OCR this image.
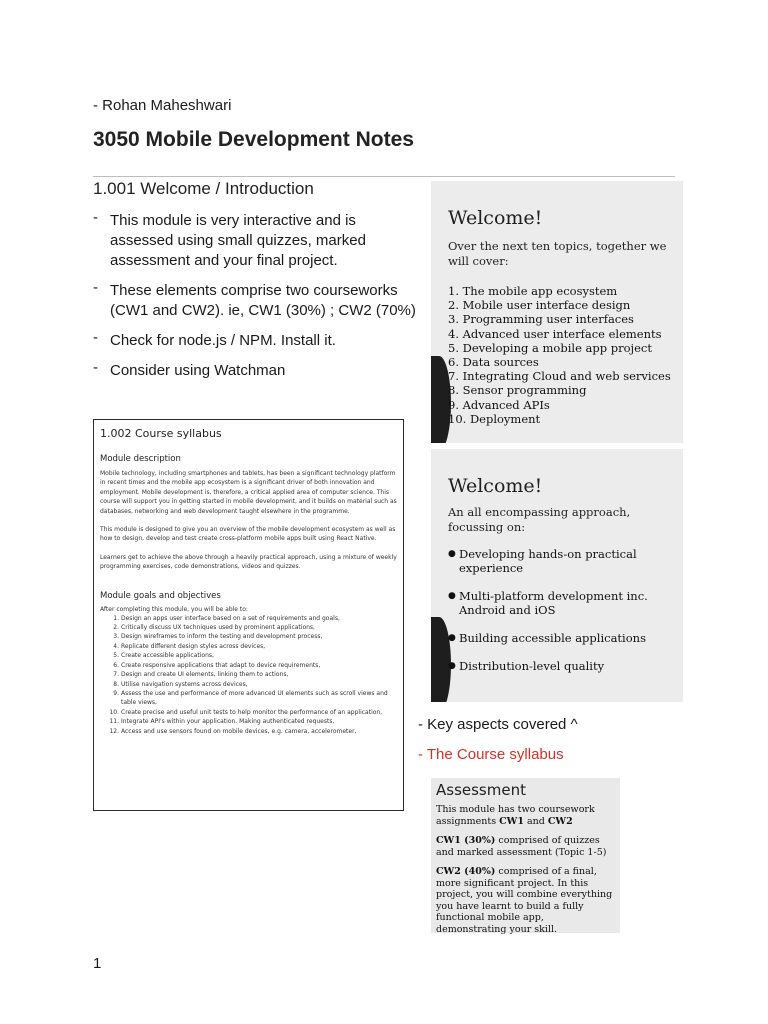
- Rohan Maheshwari
3050 Mobile Development Notes
1.001 Welcome / Introduction
- This module is very interactive and is assessed using small quizzes, marked assessment and your final project.
- These elements comprise two courseworks (CW1 and CW2). ie, CW1 (30%) ; CW2 (70%)
- Check for node.js / NPM. Install it.
- Consider using Watchman
1.002 Course syllabus
Module description

Mobile technology, including smartphones and tablets, has been a significant technology platform in recent times and the mobile app ecosystem is a significant driver of both innovation and employment. Mobile development is, therefore, a critical applied area of computer science. This course will support you in getting started in mobile development, and it builds on material such as databases, networking and web development taught elsewhere in the programme.

This module is designed to give you an overview of the mobile development ecosystem as well as how to design, develop and test create cross-platform mobile apps built using React Native.

Learners get to achieve the above through a heavily practical approach, using a mixture of weekly programming exercises, code demonstrations, videos and quizzes.

Module goals and objectives
After completing this module, you will be able to:
1. Design an apps user interface based on a set of requirements and goals,
2. Critically discuss UX techniques used by prominent applications,
3. Design wireframes to inform the testing and development process,
4. Replicate different design styles across devices,
5. Create accessible applications,
6. Create responsive applications that adapt to device requirements,
7. Design and create UI elements, linking them to actions,
8. Utilise navigation systems across devices,
9. Assess the use and performance of more advanced UI elements such as scroll views and table views,
10. Create precise and useful unit tests to help monitor the performance of an application,
11. Integrate API's within your application. Making authenticated requests,
12. Access and use sensors found on mobile devices, e.g. camera, accelerometer,
Welcome!
Over the next ten topics, together we will cover:
1. The mobile app ecosystem
2. Mobile user interface design
3. Programming user interfaces
4. Advanced user interface elements
5. Developing a mobile app project
6. Data sources
7. Integrating Cloud and web services
8. Sensor programming
9. Advanced APIs
10. Deployment
Welcome!
An all encompassing approach, focussing on:
● Developing hands-on practical experience
● Multi-platform development inc. Android and iOS
● Building accessible applications
● Distribution-level quality
- Key aspects covered ^
- The Course syllabus
Assessment

This module has two coursework assignments CW1 and CW2

CW1 (30%) comprised of quizzes and marked assessment (Topic 1-5)

CW2 (40%) comprised of a final, more significant project. In this project, you will combine everything you have learnt to build a fully functional mobile app, demonstrating your skill.

1
